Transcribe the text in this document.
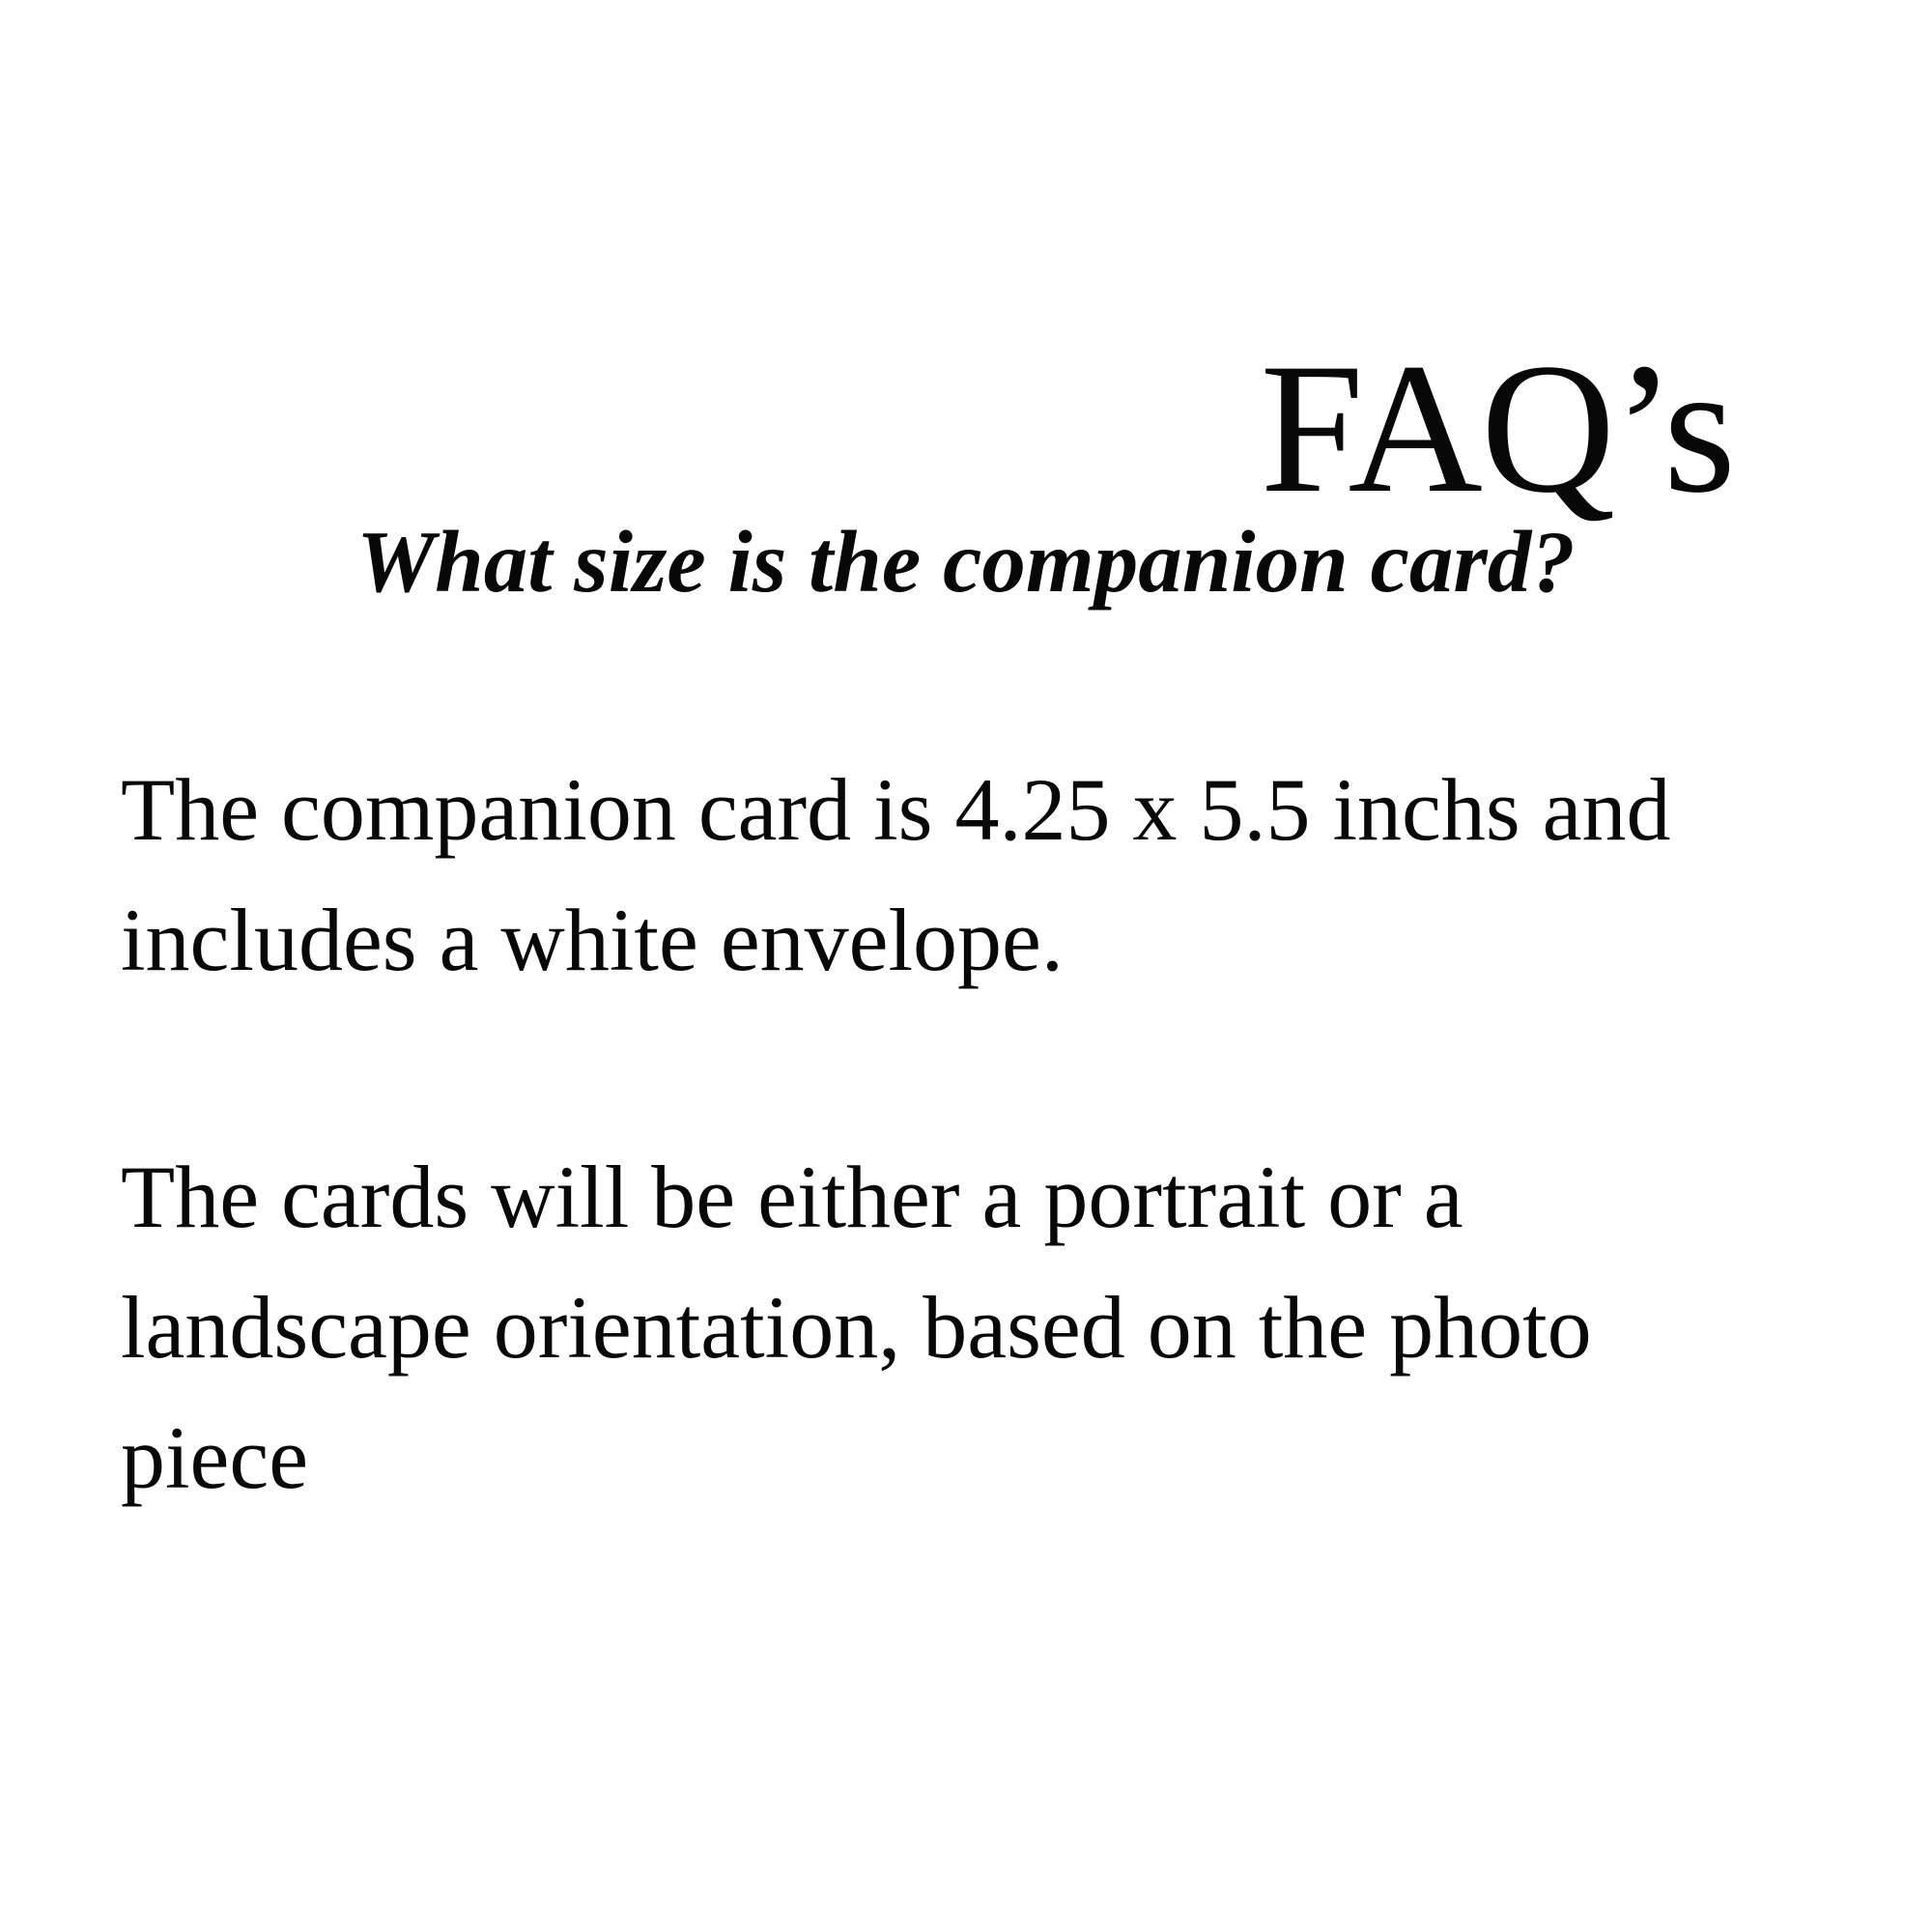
FAQ’s
What size is the companion card?
The companion card is 4.25 x 5.5 inchs and
includes a white envelope.
The cards will be either a portrait or a
landscape orientation, based on the photo
piece
